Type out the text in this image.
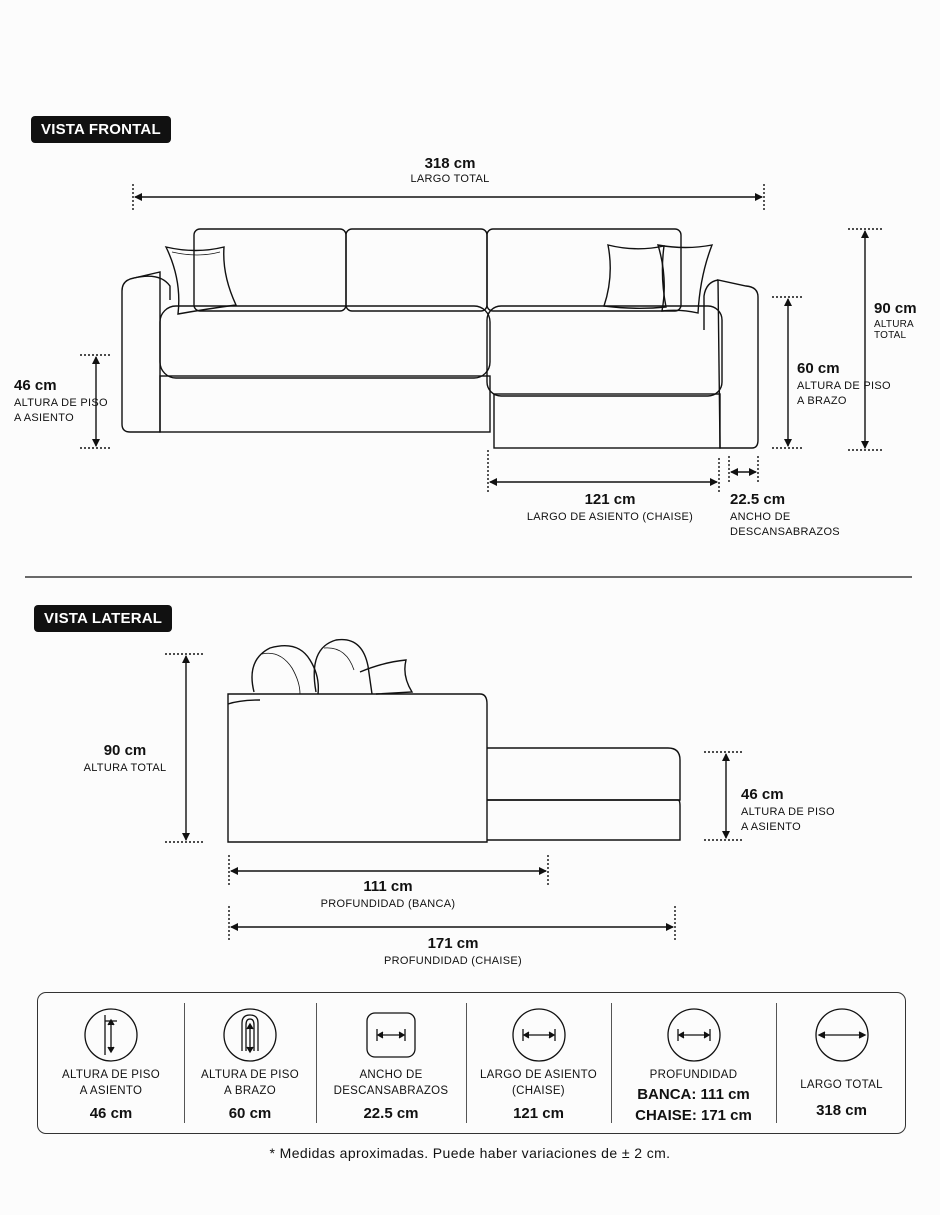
VISTA FRONTAL
318 cm
LARGO TOTAL
90 cm
ALTURA TOTAL
60 cm
ALTURA DE PISO
A BRAZO
46 cm
ALTURA DE PISO
A ASIENTO
121 cm
LARGO DE ASIENTO (CHAISE)
22.5 cm
ANCHO DE
DESCANSABRAZOS
VISTA LATERAL
90 cm
ALTURA TOTAL
46 cm
ALTURA DE PISO
A ASIENTO
111 cm
PROFUNDIDAD (BANCA)
171 cm
PROFUNDIDAD (CHAISE)
ALTURA DE PISO
A ASIENTO
46 cm
ALTURA DE PISO
A BRAZO
60 cm
ANCHO DE
DESCANSABRAZOS
22.5 cm
LARGO DE ASIENTO
(CHAISE)
121 cm
PROFUNDIDAD
BANCA: 111 cm
CHAISE: 171 cm
LARGO TOTAL
318 cm
* Medidas aproximadas. Puede haber variaciones de ± 2 cm.
